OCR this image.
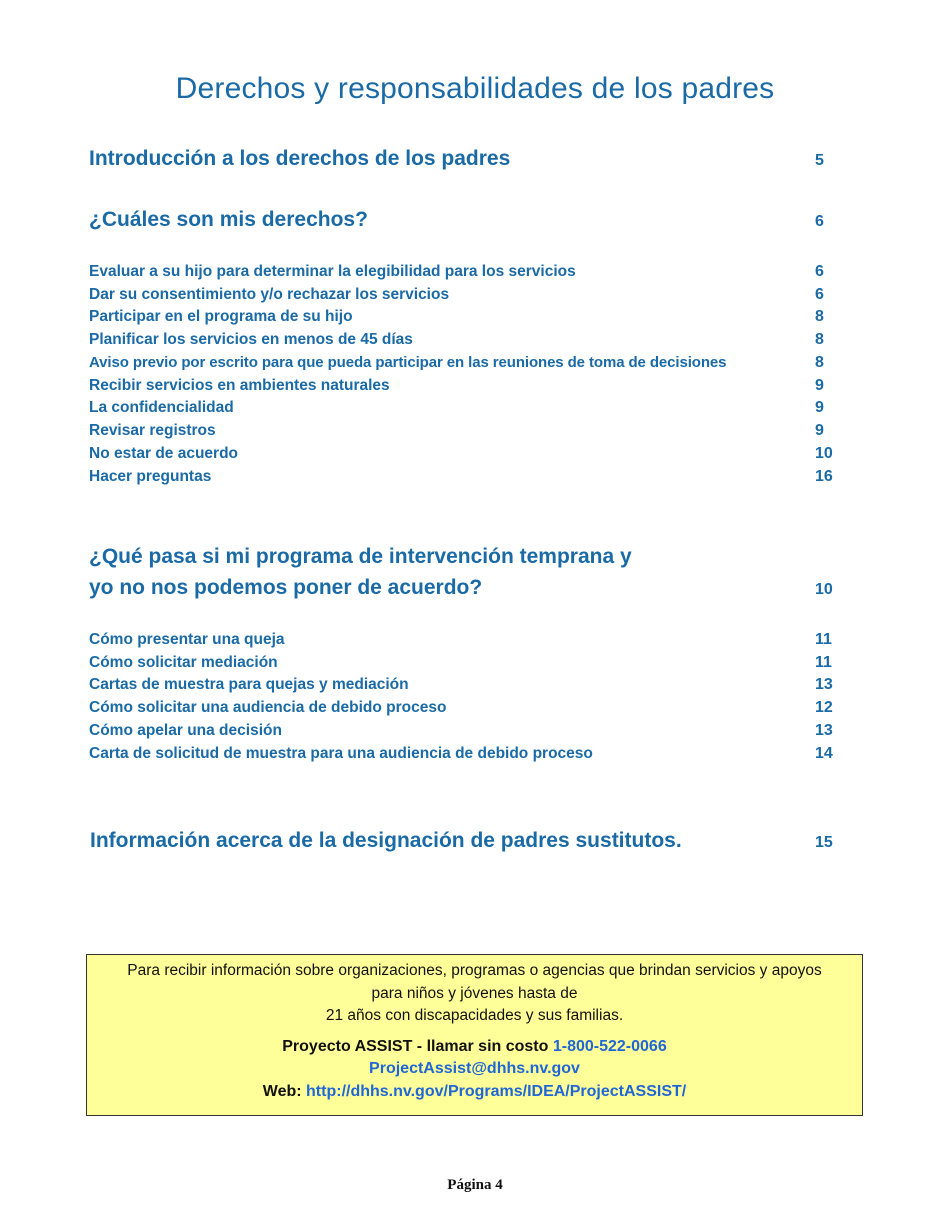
Derechos y responsabilidades de los padres
Introducción a los derechos de los padres	5
¿Cuáles son mis derechos?	6
Evaluar a su hijo para determinar la elegibilidad para los servicios	6
Dar su consentimiento y/o rechazar los servicios	6
Participar en el programa de su hijo	8
Planificar los servicios en menos de 45 días	8
Aviso previo por escrito para que pueda participar en las reuniones de toma de decisiones	8
Recibir servicios en ambientes naturales	9
La confidencialidad	9
Revisar registros	9
No estar de acuerdo	10
Hacer preguntas	16
¿Qué pasa si mi programa de intervención temprana y
yo no nos podemos poner de acuerdo?	10
Cómo presentar una queja	11
Cómo solicitar mediación	11
Cartas de muestra para quejas y mediación	13
Cómo solicitar una audiencia de debido proceso	12
Cómo apelar una decisión	13
Carta de solicitud de muestra para una audiencia de debido proceso	14
Información acerca de la designación de padres sustitutos.	15
Para recibir información sobre organizaciones, programas o agencias que brindan servicios y apoyos
para niños y jóvenes hasta de
21 años con discapacidades y sus familias.
Proyecto ASSIST - llamar sin costo 1-800-522-0066
ProjectAssist@dhhs.nv.gov
Web: http://dhhs.nv.gov/Programs/IDEA/ProjectASSIST/
Página 4
